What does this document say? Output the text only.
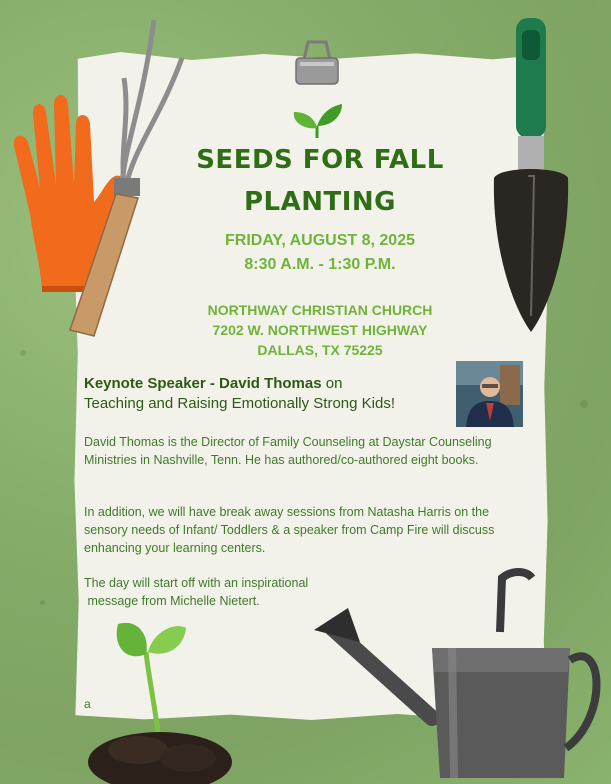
SEEDS FOR FALL
PLANTING
FRIDAY, AUGUST 8, 2025
8:30 A.M. - 1:30 P.M.
NORTHWAY CHRISTIAN CHURCH
7202 W. NORTHWEST HIGHWAY
DALLAS, TX 75225
Keynote Speaker - David Thomas on
Teaching and Raising Emotionally Strong Kids!
David Thomas is the Director of Family Counseling at Daystar Counseling Ministries in Nashville, Tenn. He has authored/co-authored eight books.
In addition, we will have break away sessions from Natasha Harris on the sensory needs of Infant/ Toddlers & a speaker from Camp Fire will discuss enhancing your learning centers.
The day will start off with an inspirational
message from Michelle Nietert.
a
